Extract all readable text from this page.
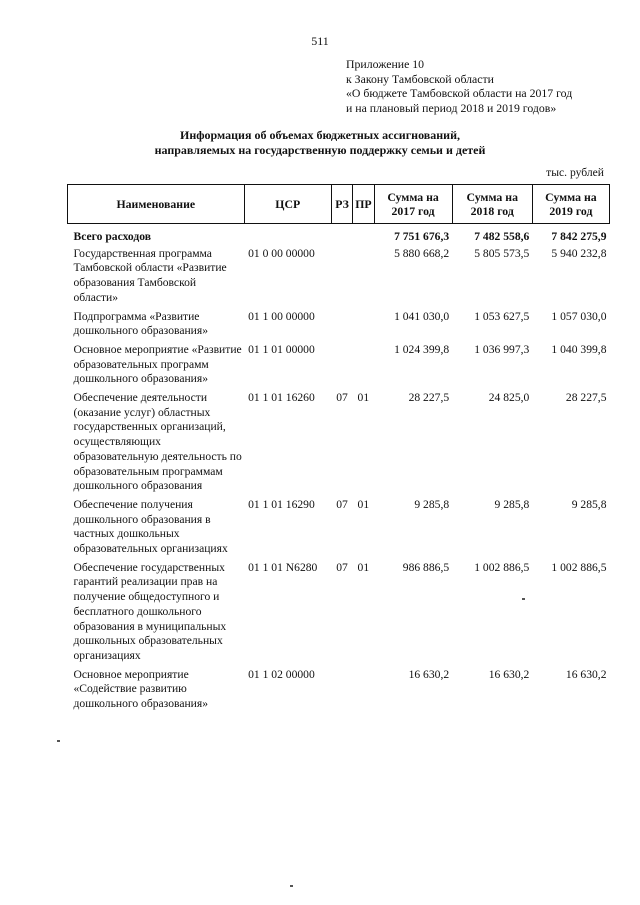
511
Приложение 10
к Закону Тамбовской области
«О бюджете Тамбовской области на 2017 год
и на плановый период 2018 и 2019 годов»
Информация об объемах бюджетных ассигнований,
направляемых на государственную поддержку семьи и детей
тыс. рублей
Наименование	ЦСР	РЗ	ПР	Сумма на 2017 год	Сумма на 2018 год	Сумма на 2019 год
Всего расходов				7 751 676,3	7 482 558,6	7 842 275,9
Государственная программа Тамбовской области «Развитие образования Тамбовской области»	01 0 00 00000			5 880 668,2	5 805 573,5	5 940 232,8
Подпрограмма «Развитие дошкольного образования»	01 1 00 00000			1 041 030,0	1 053 627,5	1 057 030,0
Основное мероприятие «Развитие образовательных программ дошкольного образования»	01 1 01 00000			1 024 399,8	1 036 997,3	1 040 399,8
Обеспечение деятельности (оказание услуг) областных государственных организаций, осуществляющих образовательную деятельность по образовательным программам дошкольного образования	01 1 01 16260	07	01	28 227,5	24 825,0	28 227,5
Обеспечение получения дошкольного образования в частных дошкольных образовательных организациях	01 1 01 16290	07	01	9 285,8	9 285,8	9 285,8
Обеспечение государственных гарантий реализации прав на получение общедоступного и бесплатного дошкольного образования в муниципальных дошкольных образовательных организациях	01 1 01 N6280	07	01	986 886,5	1 002 886,5	1 002 886,5
Основное мероприятие «Содействие развитию дошкольного образования»	01 1 02 00000			16 630,2	16 630,2	16 630,2
